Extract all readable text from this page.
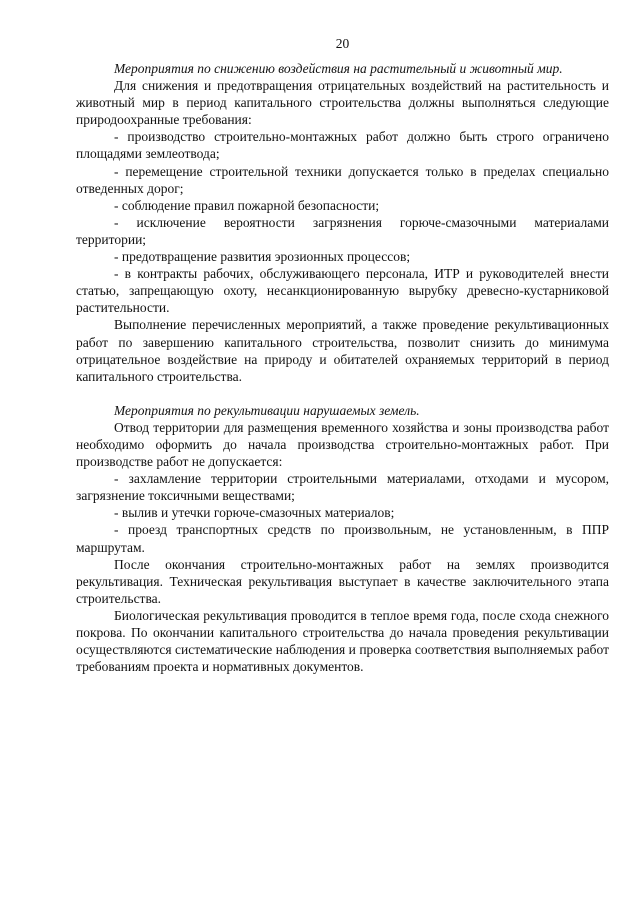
20

Мероприятия по снижению воздействия на растительный и животный мир.

Для снижения и предотвращения отрицательных воздействий на растительность и животный мир в период капитального строительства должны выполняться следующие природоохранные требования:

- производство строительно-монтажных работ должно быть строго ограничено площадями землеотвода;

- перемещение строительной техники допускается только в пределах специально отведенных дорог;

- соблюдение правил пожарной безопасности;

- исключение вероятности загрязнения горюче-смазочными материалами территории;

- предотвращение развития эрозионных процессов;

- в контракты рабочих, обслуживающего персонала, ИТР и руководителей внести статью, запрещающую охоту, несанкционированную вырубку древесно-кустарниковой растительности.

Выполнение перечисленных мероприятий, а также проведение рекультивационных работ по завершению капитального строительства, позволит снизить до минимума отрицательное воздействие на природу и обитателей охраняемых территорий в период капитального строительства.

Мероприятия по рекультивации нарушаемых земель.

Отвод территории для размещения временного хозяйства и зоны производства работ необходимо оформить до начала производства строительно-монтажных работ. При производстве работ не допускается:

- захламление территории строительными материалами, отходами и мусором, загрязнение токсичными веществами;

- вылив и утечки горюче-смазочных материалов;

- проезд транспортных средств по произвольным, не установленным, в ППР маршрутам.

После окончания строительно-монтажных работ на землях производится рекультивация. Техническая рекультивация выступает в качестве заключительного этапа строительства.

Биологическая рекультивация проводится в теплое время года, после схода снежного покрова. По окончании капитального строительства до начала проведения рекультивации осуществляются систематические наблюдения и проверка соответствия выполняемых работ требованиям проекта и нормативных документов.
